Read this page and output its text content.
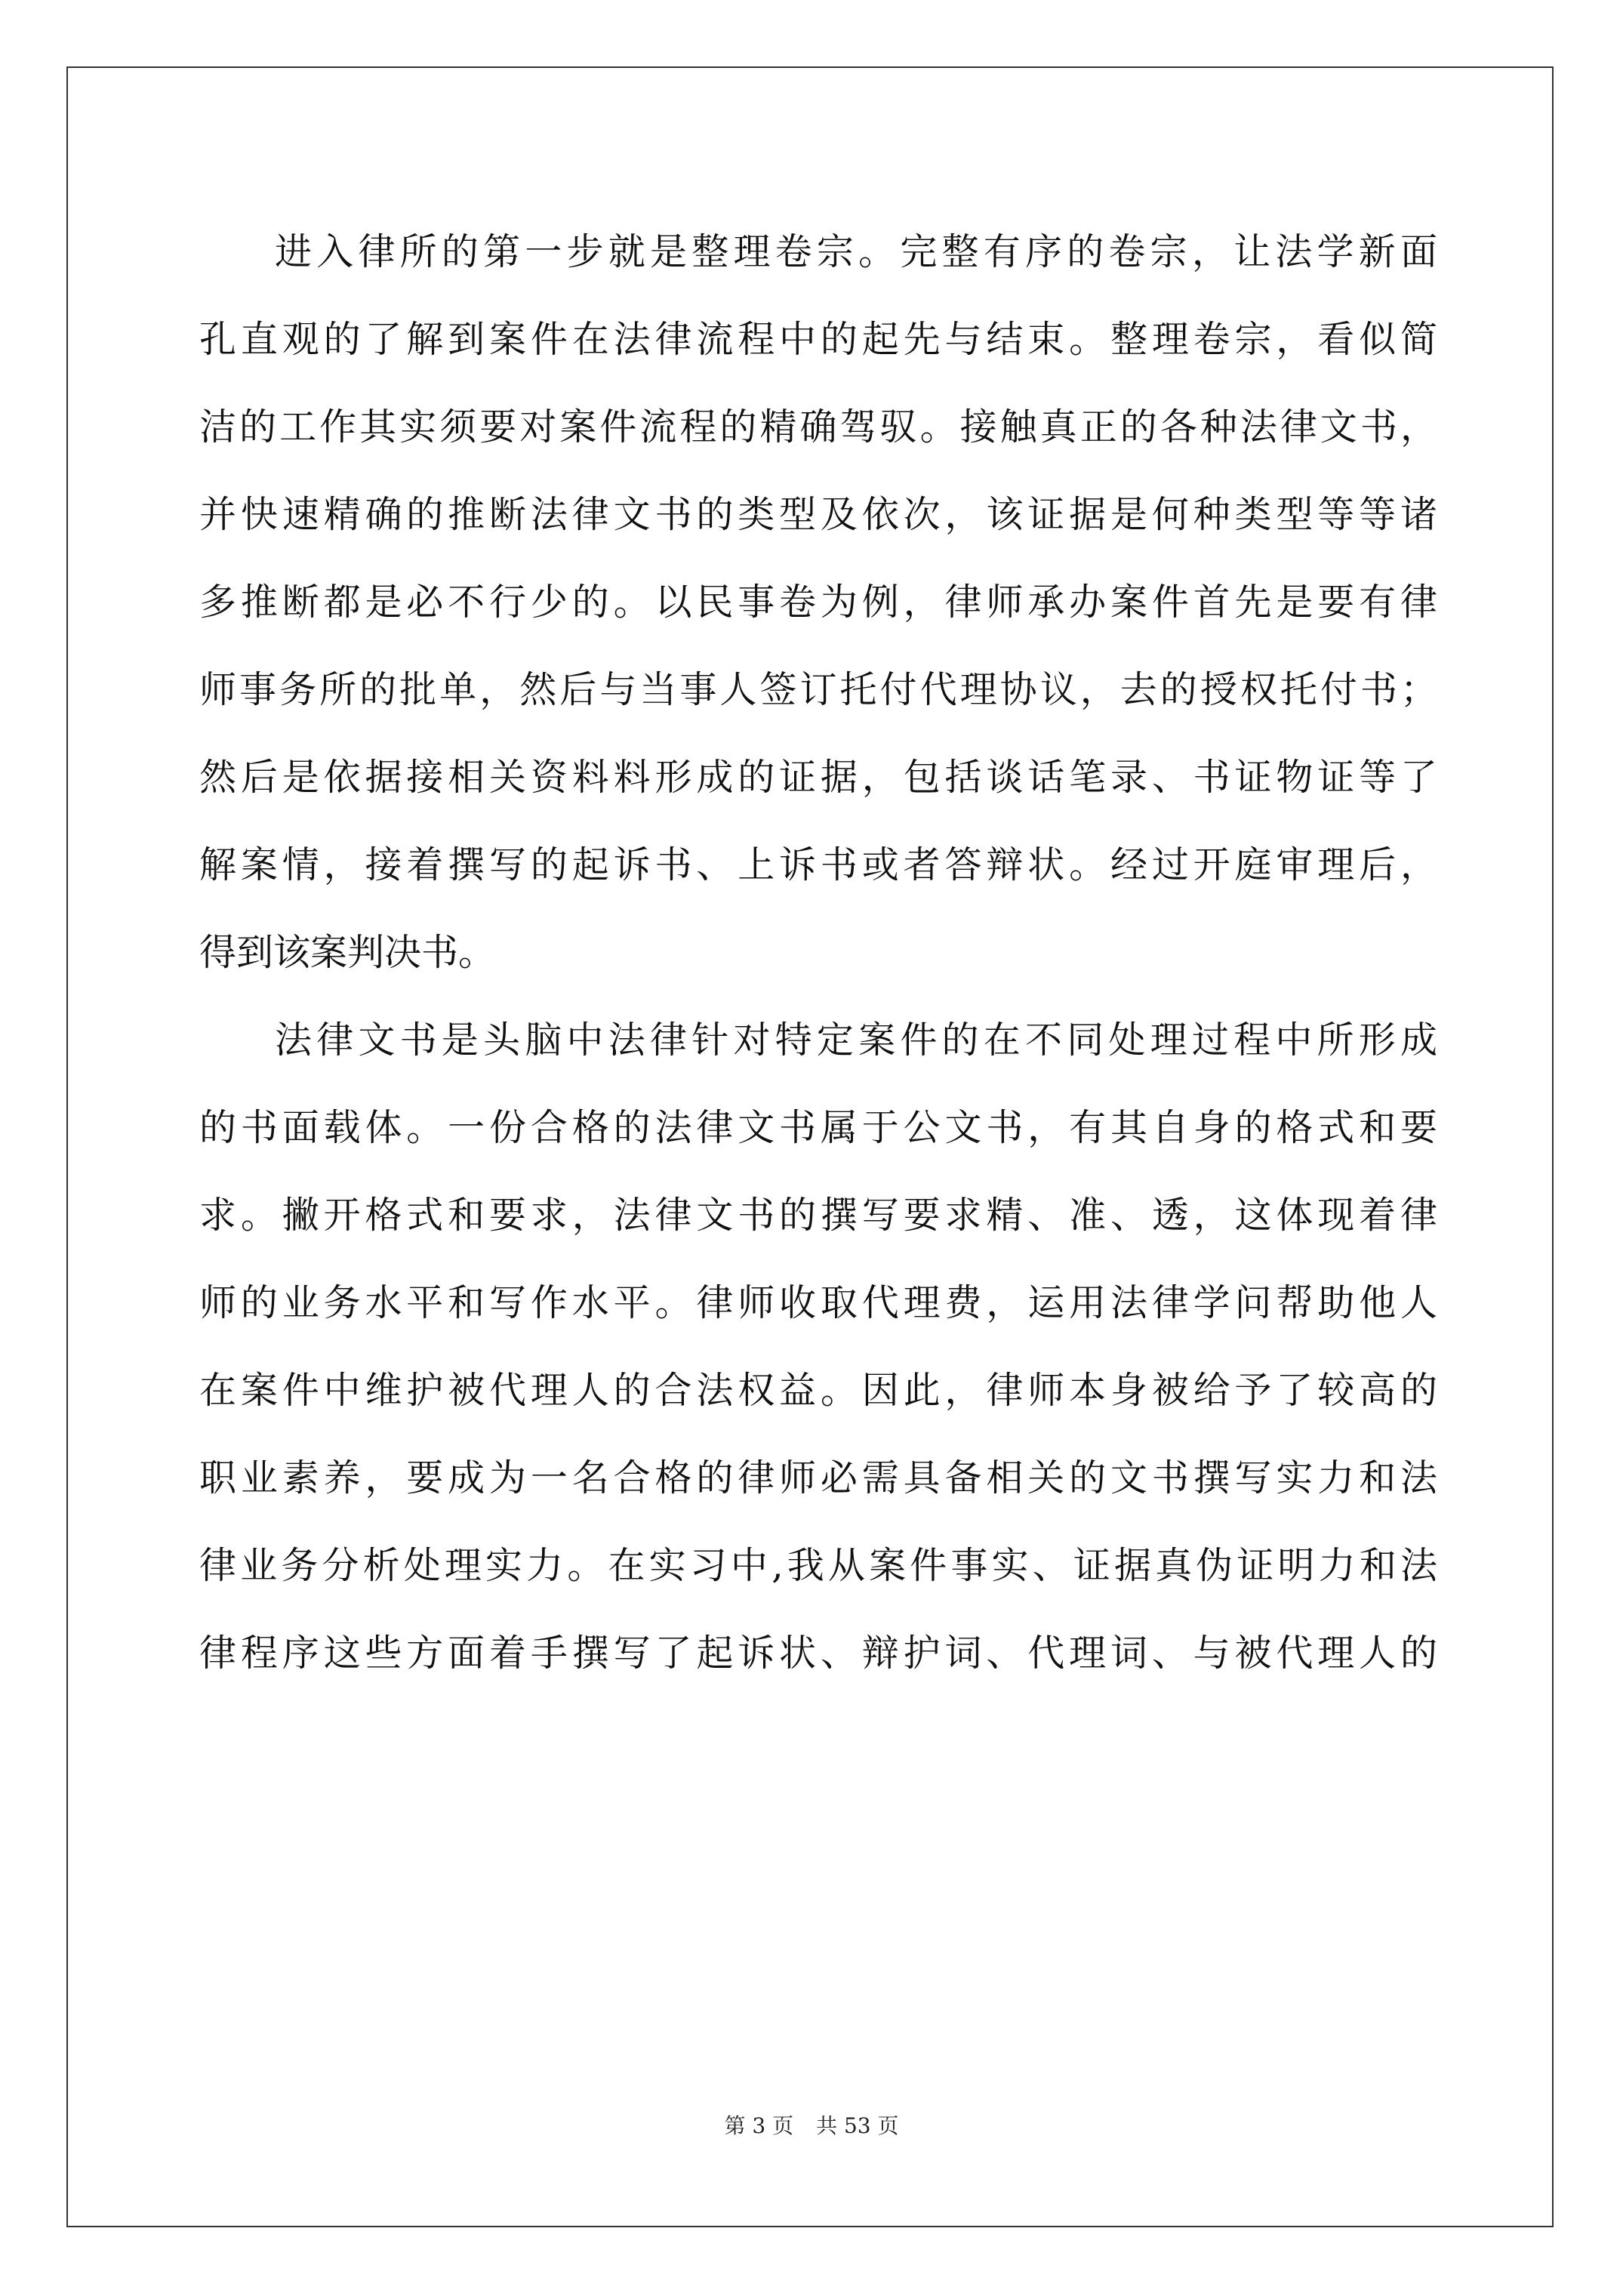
进入律所的第一步就是整理卷宗。完整有序的卷宗，让法学新面
孔直观的了解到案件在法律流程中的起先与结束。整理卷宗，看似简
洁的工作其实须要对案件流程的精确驾驭。接触真正的各种法律文书，
并快速精确的推断法律文书的类型及依次，该证据是何种类型等等诸
多推断都是必不行少的。以民事卷为例，律师承办案件首先是要有律
师事务所的批单，然后与当事人签订托付代理协议，去的授权托付书；
然后是依据接相关资料料形成的证据，包括谈话笔录、书证物证等了
解案情，接着撰写的起诉书、上诉书或者答辩状。经过开庭审理后，
得到该案判决书。
法律文书是头脑中法律针对特定案件的在不同处理过程中所形成
的书面载体。一份合格的法律文书属于公文书，有其自身的格式和要
求。撇开格式和要求，法律文书的撰写要求精、准、透，这体现着律
师的业务水平和写作水平。律师收取代理费，运用法律学问帮助他人
在案件中维护被代理人的合法权益。因此，律师本身被给予了较高的
职业素养，要成为一名合格的律师必需具备相关的文书撰写实力和法
律业务分析处理实力。在实习中,我从案件事实、证据真伪证明力和法
律程序这些方面着手撰写了起诉状、辩护词、代理词、与被代理人的
第 3 页 共 53 页
